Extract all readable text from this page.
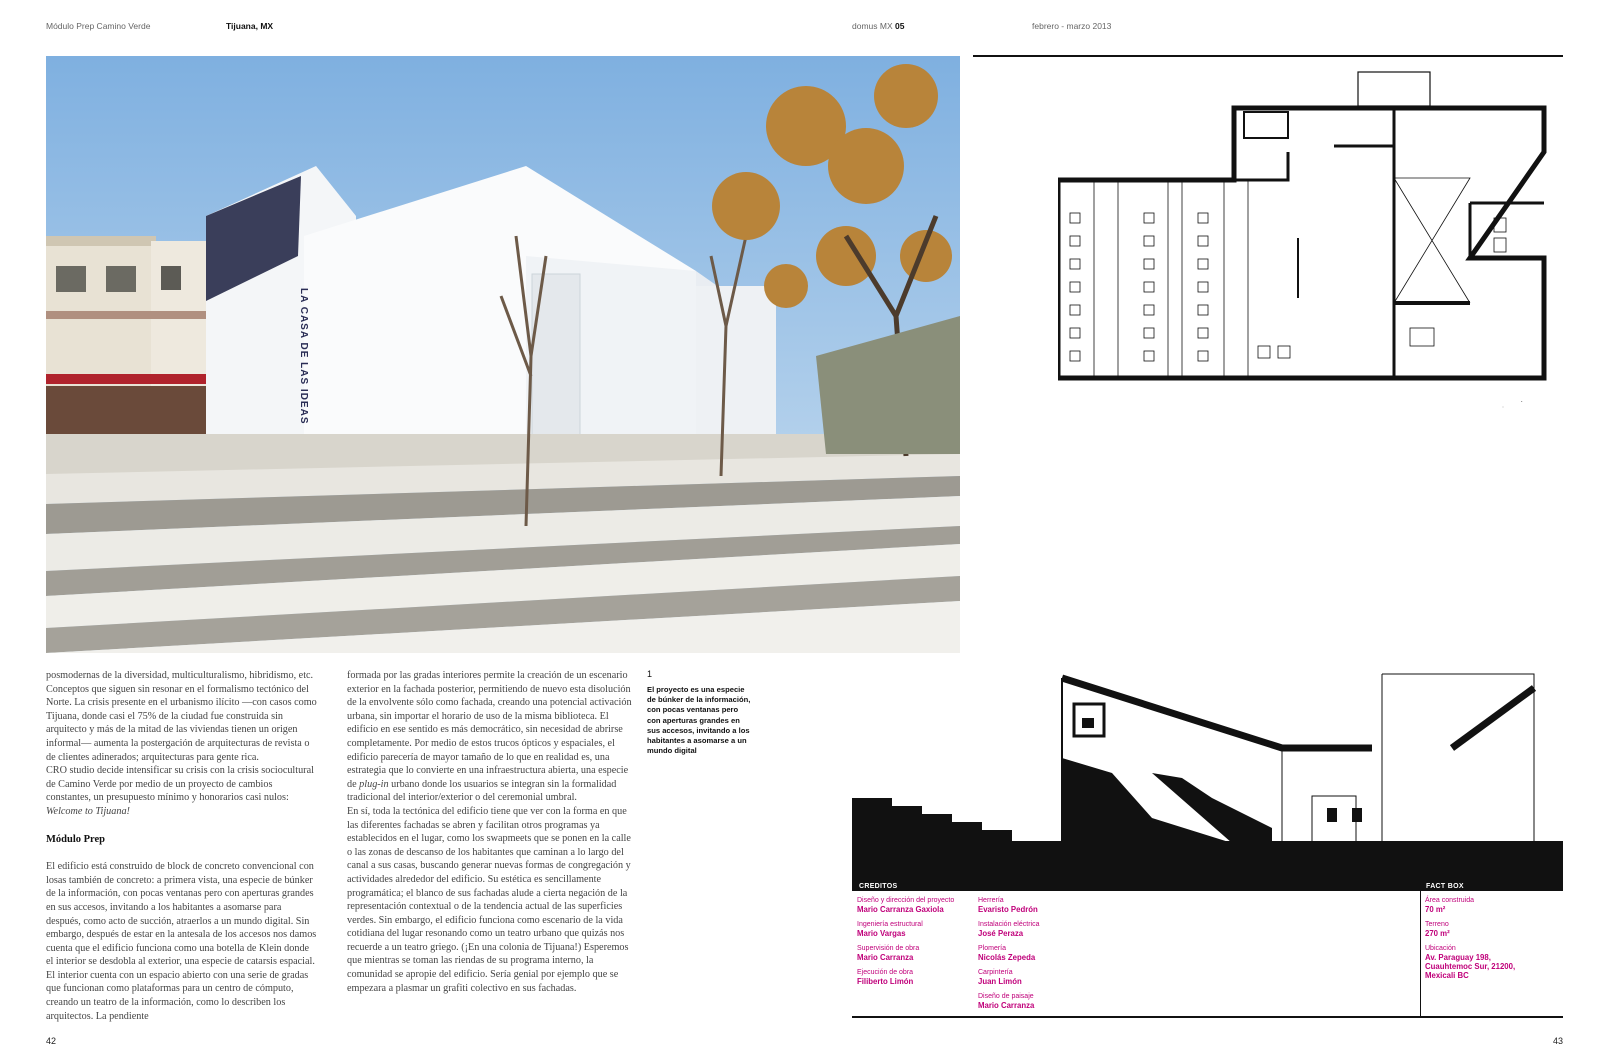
Módulo Prep Camino Verde	Tijuana, MX	domus MX 05	febrero - marzo 2013
LA CASA DE LAS IDEAS

posmodernas de la diversidad, multiculturalismo, hibridismo, etc. Conceptos que siguen sin resonar en el formalismo tectónico del Norte. La crisis presente en el urbanismo ilícito —con casos como Tijuana, donde casi el 75% de la ciudad fue construida sin arquitecto y más de la mitad de las viviendas tienen un origen informal— aumenta la postergación de arquitecturas de revista o de clientes adinerados; arquitecturas para gente rica.

CRO studio decide intensificar su crisis con la crisis sociocultural de Camino Verde por medio de un proyecto de cambios constantes, un presupuesto mínimo y honorarios casi nulos: Welcome to Tijuana!

Módulo Prep

El edificio está construido de block de concreto convencional con losas también de concreto: a primera vista, una especie de búnker de la información, con pocas ventanas pero con aperturas grandes en sus accesos, invitando a los habitantes a asomarse para después, como acto de succión, atraerlos a un mundo digital. Sin embargo, después de estar en la antesala de los accesos nos damos cuenta que el edificio funciona como una botella de Klein donde el interior se desdobla al exterior, una especie de catarsis espacial. El interior cuenta con un espacio abierto con una serie de gradas que funcionan como plataformas para un centro de cómputo, creando un teatro de la información, como lo describen los arquitectos. La pendiente

formada por las gradas interiores permite la creación de un escenario exterior en la fachada posterior, permitiendo de nuevo esta disolución de la envolvente sólo como fachada, creando una potencial activación urbana, sin importar el horario de uso de la misma biblioteca. El edificio en ese sentido es más democrático, sin necesidad de abrirse completamente. Por medio de estos trucos ópticos y espaciales, el edificio parecería de mayor tamaño de lo que en realidad es, una estrategia que lo convierte en una infraestructura abierta, una especie de plug-in urbano donde los usuarios se integran sin la formalidad tradicional del interior/exterior o del ceremonial umbral.

En sí, toda la tectónica del edificio tiene que ver con la forma en que las diferentes fachadas se abren y facilitan otros programas ya establecidos en el lugar, como los swapmeets que se ponen en la calle o las zonas de descanso de los habitantes que caminan a lo largo del canal a sus casas, buscando generar nuevas formas de congregación y actividades alrededor del edificio. Su estética es sencillamente programática; el blanco de sus fachadas alude a cierta negación de la representación contextual o de la tendencia actual de las superficies verdes. Sin embargo, el edificio funciona como escenario de la vida cotidiana del lugar resonando como un teatro urbano que quizás nos recuerde a un teatro griego. (¡En una colonia de Tijuana!) Esperemos que mientras se toman las riendas de su programa interno, la comunidad se apropie del edificio. Sería genial por ejemplo que se empezara a plasmar un grafiti colectivo en sus fachadas.

1
El proyecto es una especie de búnker de la información, con pocas ventanas pero con aperturas grandes en sus accesos, invitando a los habitantes a asomarse a un mundo digital
ˌ          ˊ
CREDITOS	FACT BOX
Diseño y dirección del proyecto
Mario Carranza Gaxiola
Ingeniería estructural
Mario Vargas
Supervisión de obra
Mario Carranza
Ejecución de obra
Filiberto Limón
Herrería
Evaristo Pedrón
Instalación eléctrica
José Peraza
Plomería
Nicolás Zepeda
Carpintería
Juan Limón
Diseño de paisaje
Mario Carranza
Área construida
70 m²
Terreno
270 m²
Ubicación
Av. Paraguay 198, Cuauhtemoc Sur, 21200, Mexicali BC
42	43
